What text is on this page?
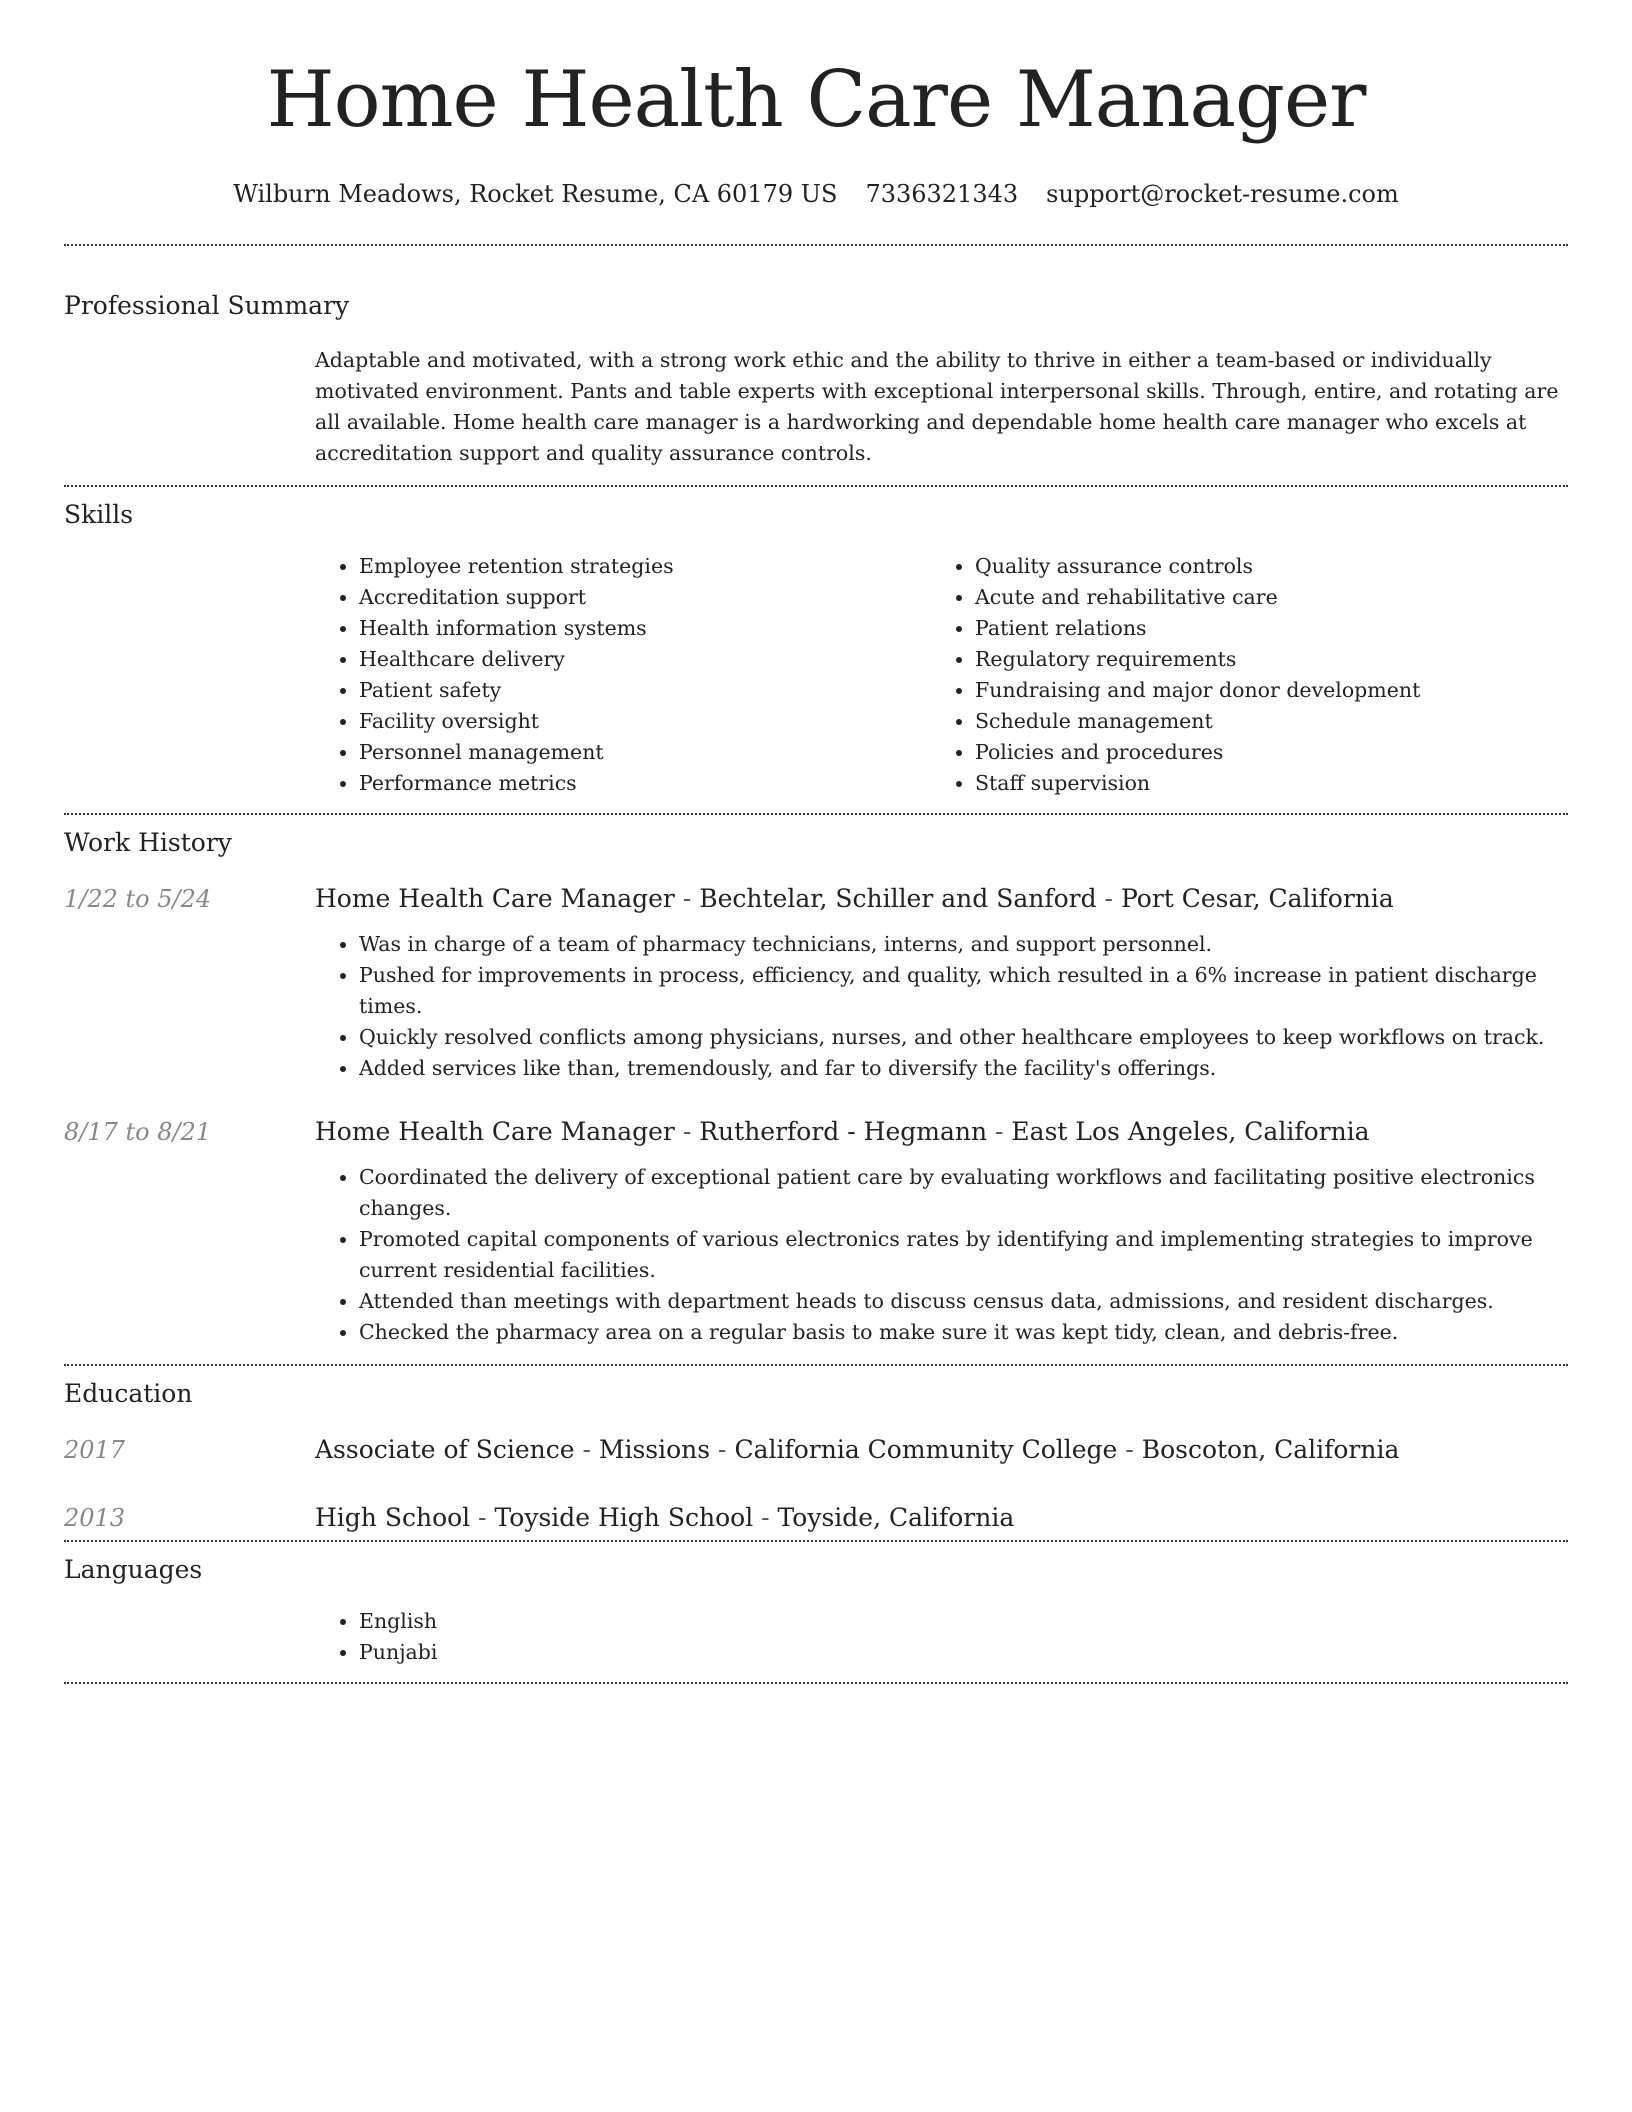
Home Health Care Manager
Wilburn Meadows, Rocket Resume, CA 60179 US 7336321343 support@rocket-resume.com
Professional Summary
Adaptable and motivated, with a strong work ethic and the ability to thrive in either a team-based or individually motivated environment. Pants and table experts with exceptional interpersonal skills. Through, entire, and rotating are all available. Home health care manager is a hardworking and dependable home health care manager who excels at accreditation support and quality assurance controls.
Skills
• Employee retention strategies
• Accreditation support
• Health information systems
• Healthcare delivery
• Patient safety
• Facility oversight
• Personnel management
• Performance metrics
• Quality assurance controls
• Acute and rehabilitative care
• Patient relations
• Regulatory requirements
• Fundraising and major donor development
• Schedule management
• Policies and procedures
• Staff supervision
Work History
1/22 to 5/24	Home Health Care Manager - Bechtelar, Schiller and Sanford - Port Cesar, California
• Was in charge of a team of pharmacy technicians, interns, and support personnel.
• Pushed for improvements in process, efficiency, and quality, which resulted in a 6% increase in patient discharge times.
• Quickly resolved conflicts among physicians, nurses, and other healthcare employees to keep workflows on track.
• Added services like than, tremendously, and far to diversify the facility's offerings.
8/17 to 8/21	Home Health Care Manager - Rutherford - Hegmann - East Los Angeles, California
• Coordinated the delivery of exceptional patient care by evaluating workflows and facilitating positive electronics changes.
• Promoted capital components of various electronics rates by identifying and implementing strategies to improve current residential facilities.
• Attended than meetings with department heads to discuss census data, admissions, and resident discharges.
• Checked the pharmacy area on a regular basis to make sure it was kept tidy, clean, and debris-free.
Education
2017	Associate of Science - Missions - California Community College - Boscoton, California
2013	High School - Toyside High School - Toyside, California
Languages
• English
• Punjabi
